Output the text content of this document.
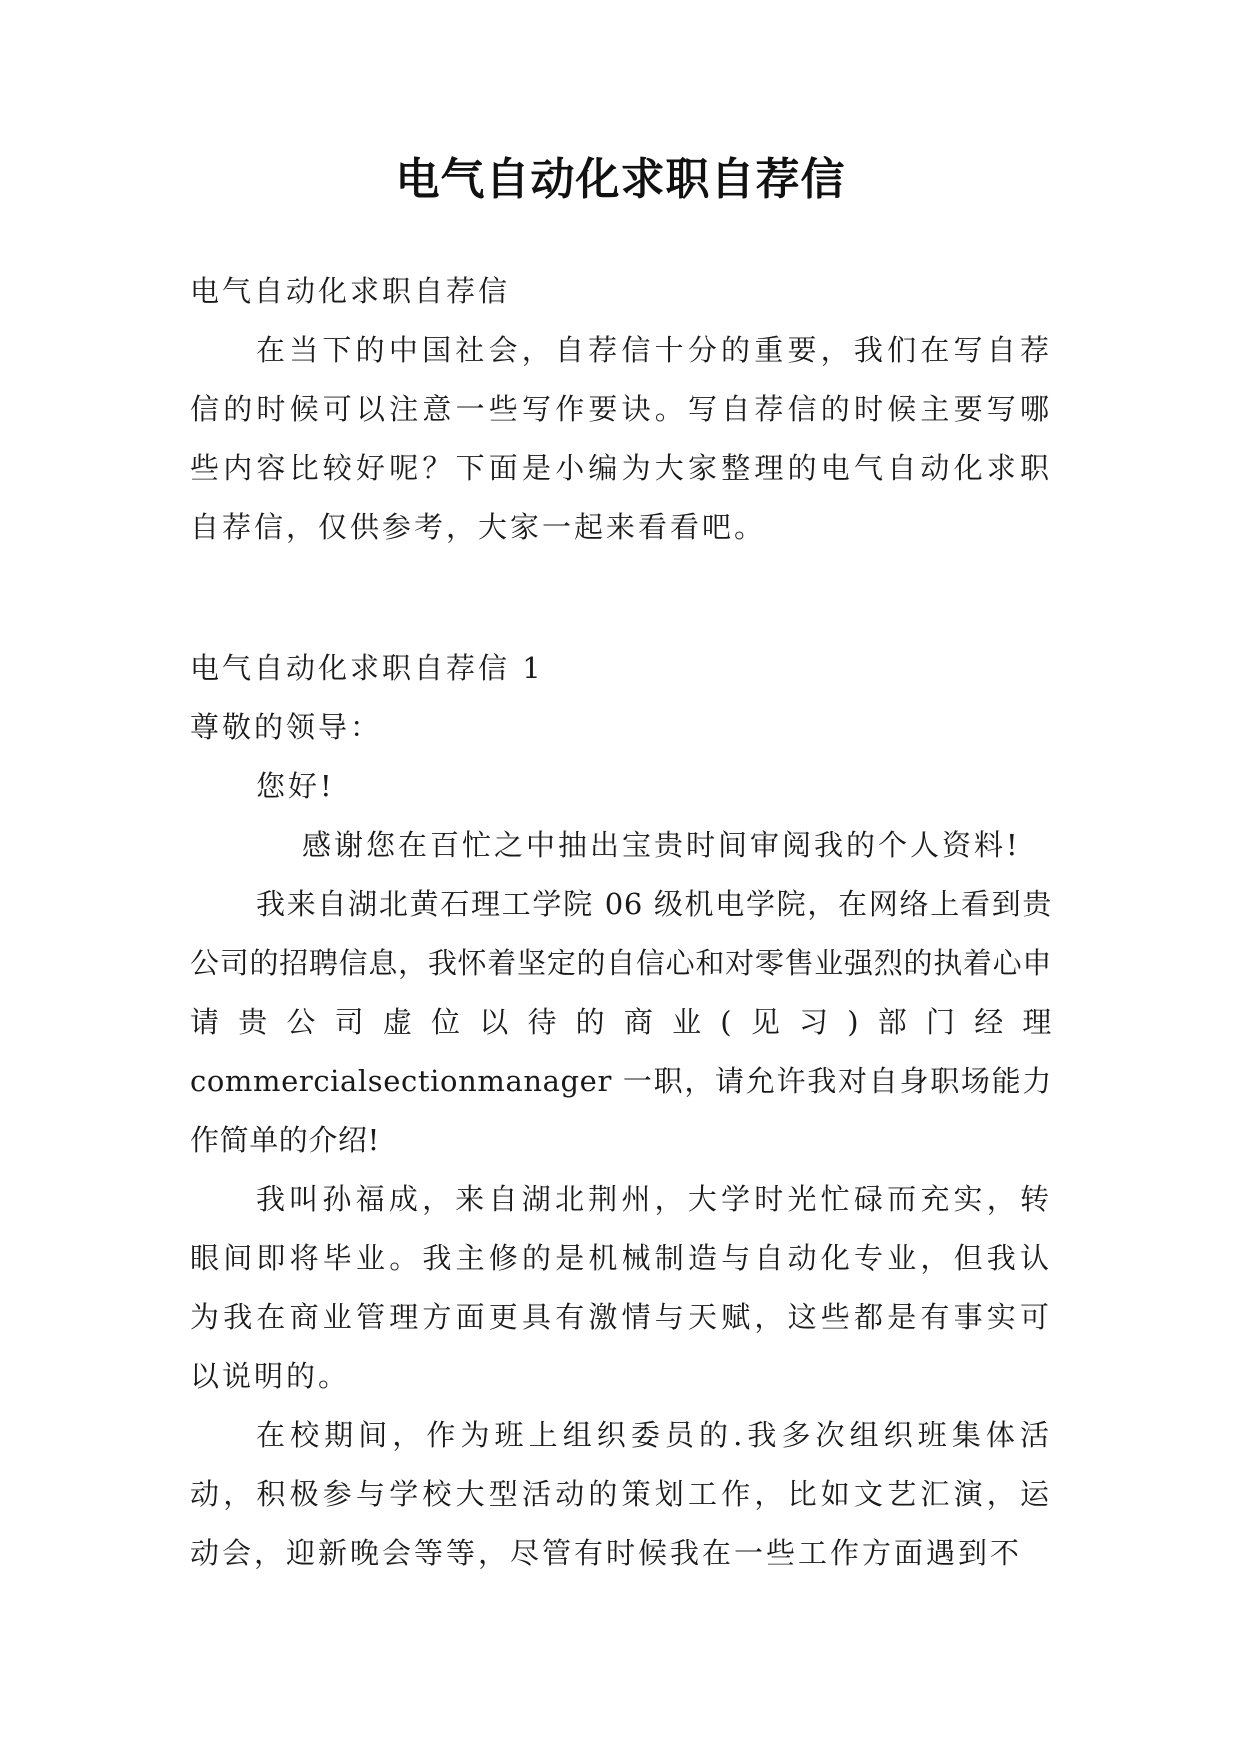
电气自动化求职自荐信

电气自动化求职自荐信

在当下的中国社会，自荐信十分的重要，我们在写自荐信的时候可以注意一些写作要诀。写自荐信的时候主要写哪些内容比较好呢？下面是小编为大家整理的电气自动化求职自荐信，仅供参考，大家一起来看看吧。

电气自动化求职自荐信 1

尊敬的领导：

您好!

感谢您在百忙之中抽出宝贵时间审阅我的个人资料!

我来自湖北黄石理工学院 06 级机电学院，在网络上看到贵公司的招聘信息，我怀着坚定的自信心和对零售业强烈的执着心申请贵公司虚位以待的商业(见习)部门经理 commercialsectionmanager 一职，请允许我对自身职场能力作简单的介绍!

我叫孙福成，来自湖北荆州，大学时光忙碌而充实，转眼间即将毕业。我主修的是机械制造与自动化专业，但我认为我在商业管理方面更具有激情与天赋，这些都是有事实可以说明的。

在校期间，作为班上组织委员的.我多次组织班集体活动，积极参与学校大型活动的策划工作，比如文艺汇演，运动会，迎新晚会等等，尽管有时候我在一些工作方面遇到不
